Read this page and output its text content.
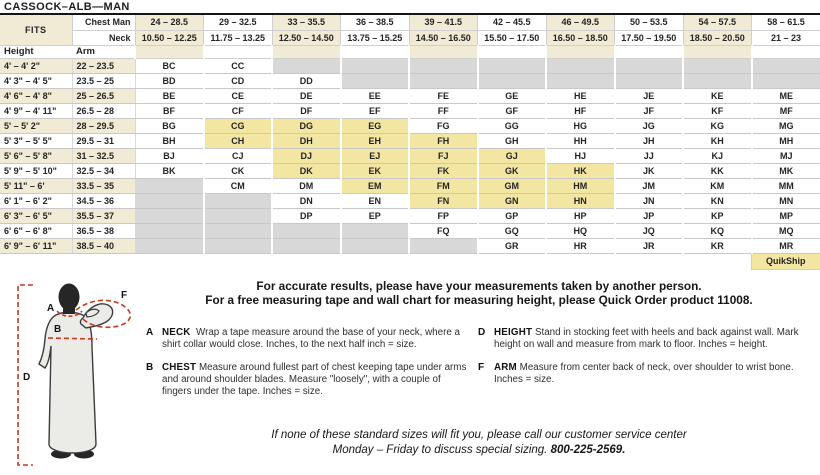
CASSOCK–ALB—MAN
FITS	Chest Man	24 – 28.5	29 – 32.5	33 – 35.5	36 – 38.5	39 – 41.5	42 – 45.5	46 – 49.5	50 – 53.5	54 – 57.5	58 – 61.5
	Neck	10.50 – 12.25	11.75 – 13.25	12.50 – 14.50	13.75 – 15.25	14.50 – 16.50	15.50 – 17.50	16.50 – 18.50	17.50 – 19.50	18.50 – 20.50	21 – 23
Height	Arm										
4' – 4' 2"	22 – 23.5	BC	CC								
4' 3" – 4' 5"	23.5 – 25	BD	CD	DD							
4' 6" – 4' 8"	25 – 26.5	BE	CE	DE	EE	FE	GE	HE	JE	KE	ME
4' 9" – 4' 11"	26.5 – 28	BF	CF	DF	EF	FF	GF	HF	JF	KF	MF
5' – 5' 2"	28 – 29.5	BG	CG	DG	EG	FG	GG	HG	JG	KG	MG
5' 3" – 5' 5"	29.5 – 31	BH	CH	DH	EH	FH	GH	HH	JH	KH	MH
5' 6" – 5' 8"	31 – 32.5	BJ	CJ	DJ	EJ	FJ	GJ	HJ	JJ	KJ	MJ
5' 9" – 5' 10"	32.5 – 34	BK	CK	DK	EK	FK	GK	HK	JK	KK	MK
5' 11" – 6'	33.5 – 35		CM	DM	EM	FM	GM	HM	JM	KM	MM
6' 1" – 6' 2"	34.5 – 36			DN	EN	FN	GN	HN	JN	KN	MN
6' 3" – 6' 5"	35.5 – 37			DP	EP	FP	GP	HP	JP	KP	MP
6' 6" – 6' 8"	36.5 – 38					FQ	GQ	HQ	JQ	KQ	MQ
6' 9" – 6' 11"	38.5 – 40						GR	HR	JR	KR	MR
											QuikShip
A
B
D
F
For accurate results, please have your measurements taken by another person.
For a free measuring tape and wall chart for measuring height, please Quick Order product 11008.
A NECK Wrap a tape measure around the base of your neck, where a shirt collar would close. Inches, to the next half inch = size.
B CHEST Measure around fullest part of chest keeping tape under arms and around shoulder blades. Measure "loosely", with a couple of fingers under the tape. Inches = size.
D HEIGHT Stand in stocking feet with heels and back against wall. Mark height on wall and measure from mark to floor. Inches = height.
F	ARM Measure from center back of neck, over shoulder to wrist bone. Inches = size.
If none of these standard sizes will fit you, please call our customer service center
Monday – Friday to discuss special sizing. 800-225-2569.
